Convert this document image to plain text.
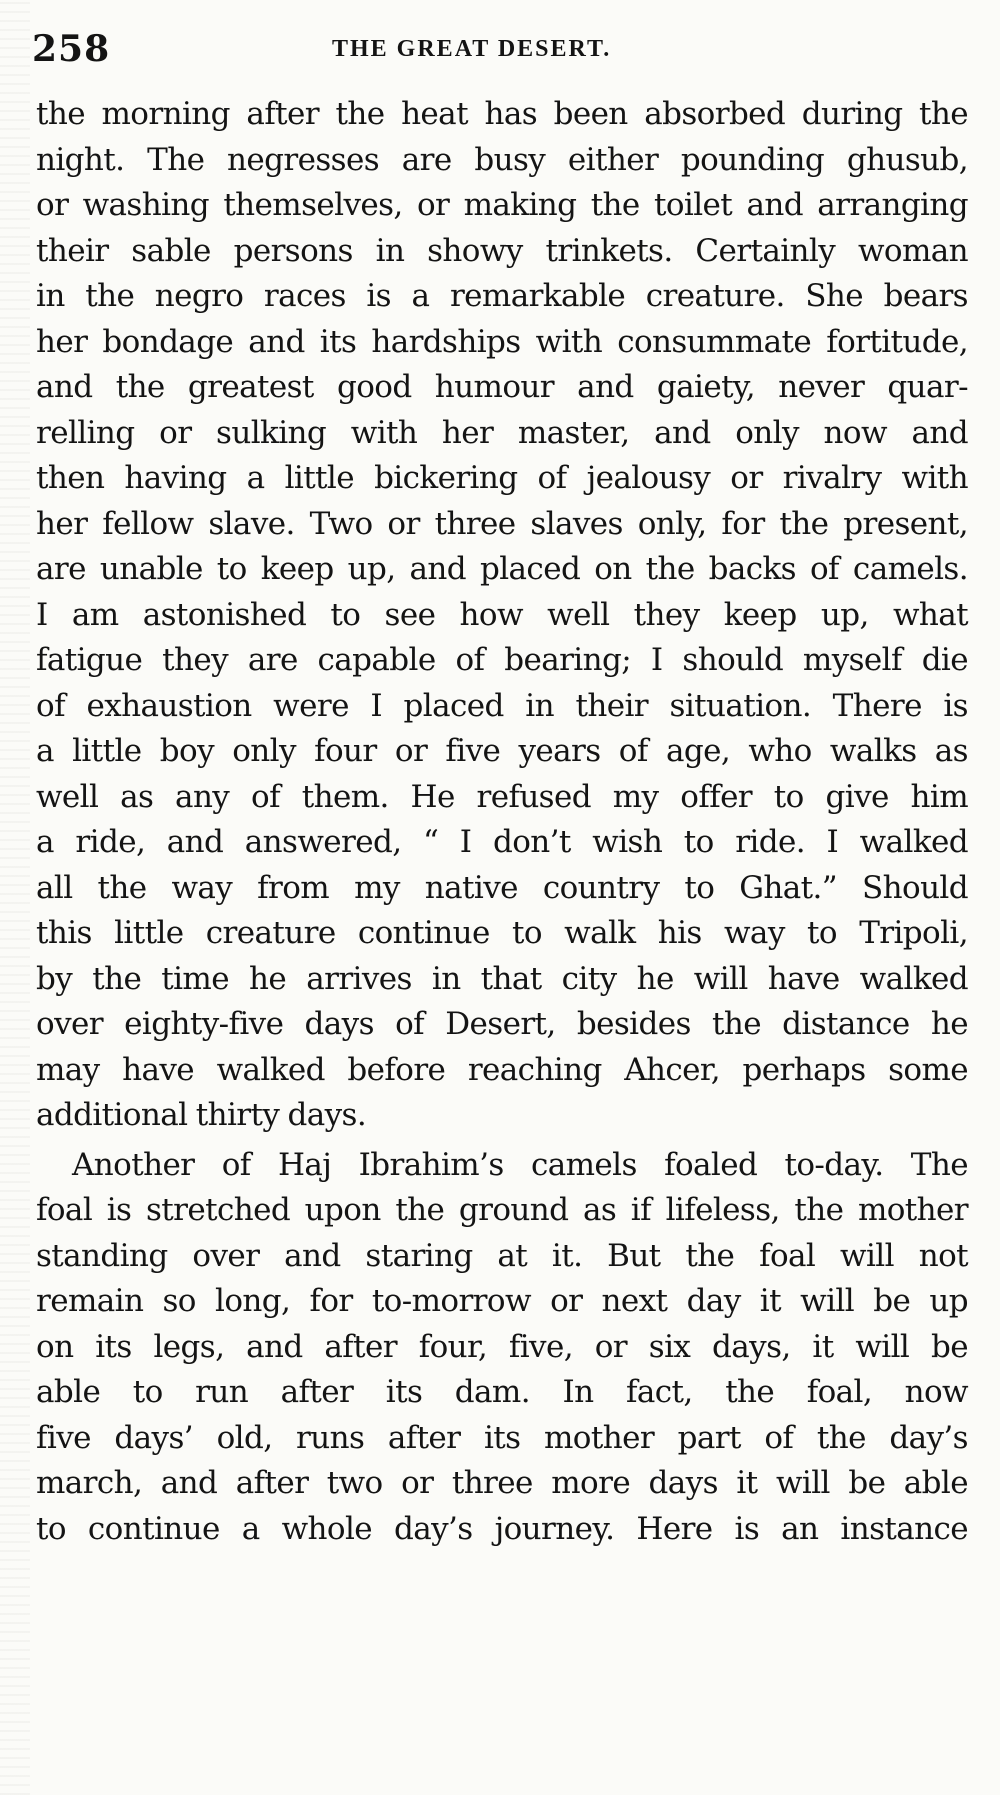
258	THE GREAT DESERT.
the morning after the heat has been absorbed during the
night. The negresses are busy either pounding ghusub,
or washing themselves, or making the toilet and arranging
their sable persons in showy trinkets. Certainly woman
in the negro races is a remarkable creature. She bears
her bondage and its hardships with consummate fortitude,
and the greatest good humour and gaiety, never quar-
relling or sulking with her master, and only now and
then having a little bickering of jealousy or rivalry with
her fellow slave. Two or three slaves only, for the present,
are unable to keep up, and placed on the backs of camels.
I am astonished to see how well they keep up, what
fatigue they are capable of bearing; I should myself die
of exhaustion were I placed in their situation. There is
a little boy only four or five years of age, who walks as
well as any of them. He refused my offer to give him
a ride, and answered, “ I don’t wish to ride. I walked
all the way from my native country to Ghat.” Should
this little creature continue to walk his way to Tripoli,
by the time he arrives in that city he will have walked
over eighty-five days of Desert, besides the distance he
may have walked before reaching Ahcer, perhaps some
additional thirty days.
Another of Haj Ibrahim’s camels foaled to-day. The
foal is stretched upon the ground as if lifeless, the mother
standing over and staring at it. But the foal will not
remain so long, for to-morrow or next day it will be up
on its legs, and after four, five, or six days, it will be
able to run after its dam. In fact, the foal, now
five days’ old, runs after its mother part of the day’s
march, and after two or three more days it will be able
to continue a whole day’s journey. Here is an instance
